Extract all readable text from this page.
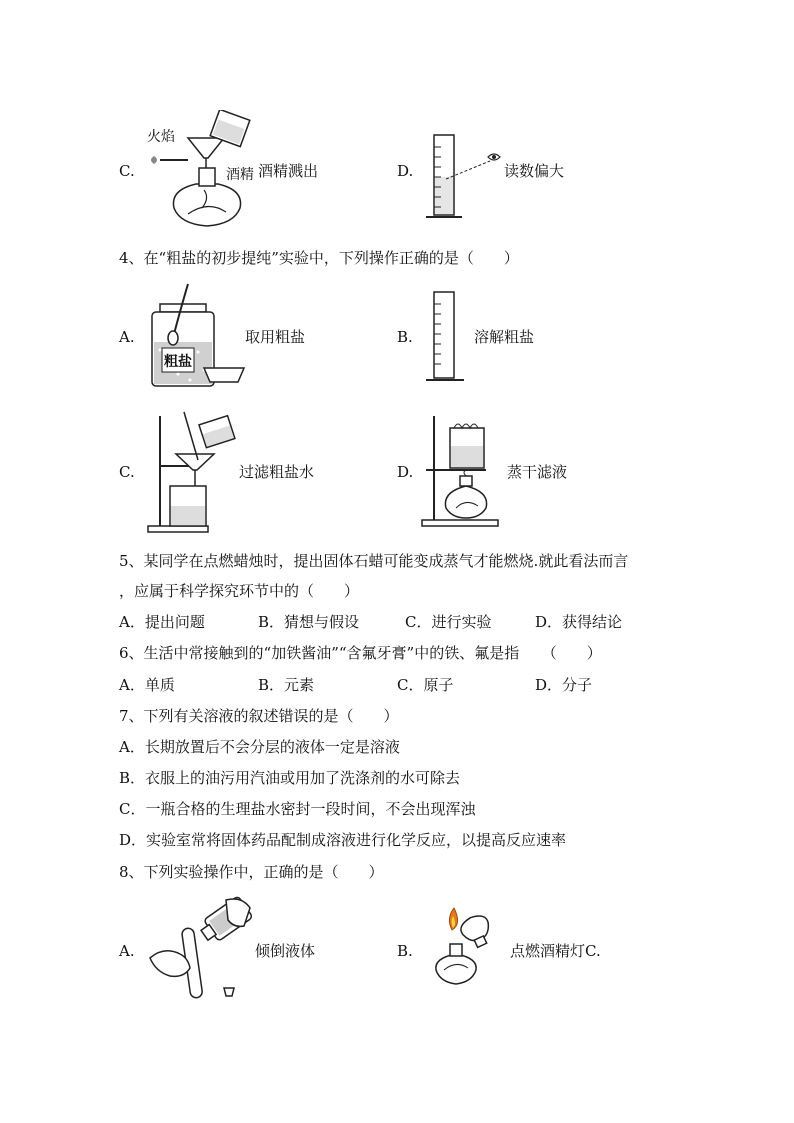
C.
火焰
酒精 酒精溅出	D.	读数偏大
4、在“粗盐的初步提纯”实验中，下列操作正确的是（　　）
A.
粗盐
取用粗盐	B.	溶解粗盐
C.	过滤粗盐水	D.	蒸干滤液
5、某同学在点燃蜡烛时，提出固体石蜡可能变成蒸气才能燃烧.就此看法而言
，应属于科学探究环节中的（　　）
A．提出问题	B．猜想与假设	C．进行实验	D．获得结论
6、生活中常接触到的“加铁酱油”“含氟牙膏”中的铁、氟是指　　（　　）
A．单质	B．元素	C．原子	D．分子
7、下列有关溶液的叙述错误的是（　　）
A．长期放置后不会分层的液体一定是溶液
B．衣服上的油污用汽油或用加了洗涤剂的水可除去
C．一瓶合格的生理盐水密封一段时间，不会出现浑浊
D．实验室常将固体药品配制成溶液进行化学反应，以提高反应速率
8、下列实验操作中，正确的是（　　）
A.	倾倒液体	B.	点燃酒精灯C.
